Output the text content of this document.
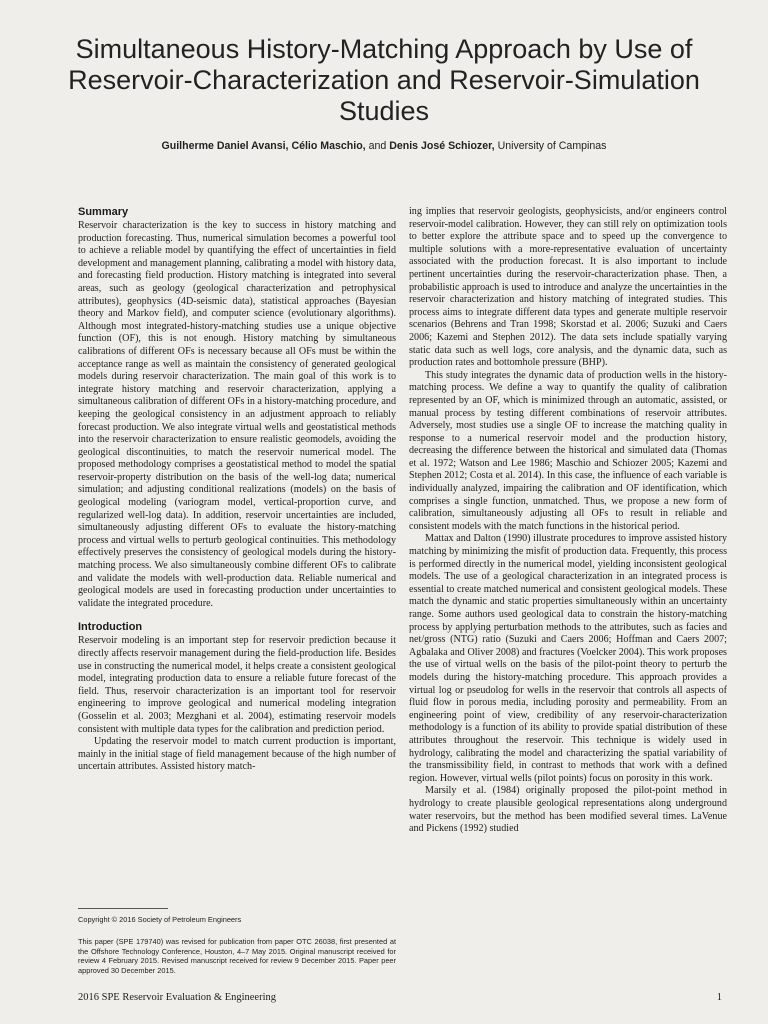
Simultaneous History-Matching Approach by Use of Reservoir-Characterization and Reservoir-Simulation Studies
Guilherme Daniel Avansi, Célio Maschio, and Denis José Schiozer, University of Campinas
Summary

Reservoir characterization is the key to success in history matching and production forecasting. Thus, numerical simulation becomes a powerful tool to achieve a reliable model by quantifying the effect of uncertainties in field development and management planning, calibrating a model with history data, and forecasting field production. History matching is integrated into several areas, such as geology (geological characterization and petrophysical attributes), geophysics (4D-seismic data), statistical approaches (Bayesian theory and Markov field), and computer science (evolutionary algorithms). Although most integrated-history-matching studies use a unique objective function (OF), this is not enough. History matching by simultaneous calibrations of different OFs is necessary because all OFs must be within the acceptance range as well as maintain the consistency of generated geological models during reservoir characterization. The main goal of this work is to integrate history matching and reservoir characterization, applying a simultaneous calibration of different OFs in a history-matching procedure, and keeping the geological consistency in an adjustment approach to reliably forecast production. We also integrate virtual wells and geostatistical methods into the reservoir characterization to ensure realistic geomodels, avoiding the geological discontinuities, to match the reservoir numerical model. The proposed methodology comprises a geostatistical method to model the spatial reservoir-property distribution on the basis of the well-log data; numerical simulation; and adjusting conditional realizations (models) on the basis of geological modeling (variogram model, vertical-proportion curve, and regularized well-log data). In addition, reservoir uncertainties are included, simultaneously adjusting different OFs to evaluate the history-matching process and virtual wells to perturb geological continuities. This methodology effectively preserves the consistency of geological models during the history-matching process. We also simultaneously combine different OFs to calibrate and validate the models with well-production data. Reliable numerical and geological models are used in forecasting production under uncertainties to validate the integrated procedure.

Introduction

Reservoir modeling is an important step for reservoir prediction because it directly affects reservoir management during the field-production life. Besides use in constructing the numerical model, it helps create a consistent geological model, integrating production data to ensure a reliable future forecast of the field. Thus, reservoir characterization is an important tool for reservoir engineering to improve geological and numerical modeling integration (Gosselin et al. 2003; Mezghani et al. 2004), estimating reservoir models consistent with multiple data types for the calibration and prediction period.

Updating the reservoir model to match current production is important, mainly in the initial stage of field management because of the high number of uncertain attributes. Assisted history match-

ing implies that reservoir geologists, geophysicists, and/or engineers control reservoir-model calibration. However, they can still rely on optimization tools to better explore the attribute space and to speed up the convergence to multiple solutions with a more-representative evaluation of uncertainty associated with the production forecast. It is also important to include pertinent uncertainties during the reservoir-characterization phase. Then, a probabilistic approach is used to introduce and analyze the uncertainties in the reservoir characterization and history matching of integrated studies. This process aims to integrate different data types and generate multiple reservoir scenarios (Behrens and Tran 1998; Skorstad et al. 2006; Suzuki and Caers 2006; Kazemi and Stephen 2012). The data sets include spatially varying static data such as well logs, core analysis, and the dynamic data, such as production rates and bottomhole pressure (BHP).

This study integrates the dynamic data of production wells in the history-matching process. We define a way to quantify the quality of calibration represented by an OF, which is minimized through an automatic, assisted, or manual process by testing different combinations of reservoir attributes. Adversely, most studies use a single OF to increase the matching quality in response to a numerical reservoir model and the production history, decreasing the difference between the historical and simulated data (Thomas et al. 1972; Watson and Lee 1986; Maschio and Schiozer 2005; Kazemi and Stephen 2012; Costa et al. 2014). In this case, the influence of each variable is individually analyzed, impairing the calibration and OF identification, which comprises a single function, unmatched. Thus, we propose a new form of calibration, simultaneously adjusting all OFs to result in reliable and consistent models with the match functions in the historical period.

Mattax and Dalton (1990) illustrate procedures to improve assisted history matching by minimizing the misfit of production data. Frequently, this process is performed directly in the numerical model, yielding inconsistent geological models. The use of a geological characterization in an integrated process is essential to create matched numerical and consistent geological models. These match the dynamic and static properties simultaneously within an uncertainty range. Some authors used geological data to constrain the history-matching process by applying perturbation methods to the attributes, such as facies and net/gross (NTG) ratio (Suzuki and Caers 2006; Hoffman and Caers 2007; Agbalaka and Oliver 2008) and fractures (Voelcker 2004). This work proposes the use of virtual wells on the basis of the pilot-point theory to perturb the models during the history-matching procedure. This approach provides a virtual log or pseudolog for wells in the reservoir that controls all aspects of fluid flow in porous media, including porosity and permeability. From an engineering point of view, credibility of any reservoir-characterization methodology is a function of its ability to provide spatial distribution of these attributes throughout the reservoir. This technique is widely used in hydrology, calibrating the model and characterizing the spatial variability of the transmissibility field, in contrast to methods that work with a defined region. However, virtual wells (pilot points) focus on porosity in this work.

Marsily et al. (1984) originally proposed the pilot-point method in hydrology to create plausible geological representations along underground water reservoirs, but the method has been modified several times. LaVenue and Pickens (1992) studied

Copyright © 2016 Society of Petroleum Engineers
This paper (SPE 179740) was revised for publication from paper OTC 26038, first presented at the Offshore Technology Conference, Houston, 4–7 May 2015. Original manuscript received for review 4 February 2015. Revised manuscript received for review 9 December 2015. Paper peer approved 30 December 2015.
2016 SPE Reservoir Evaluation & Engineering	1
